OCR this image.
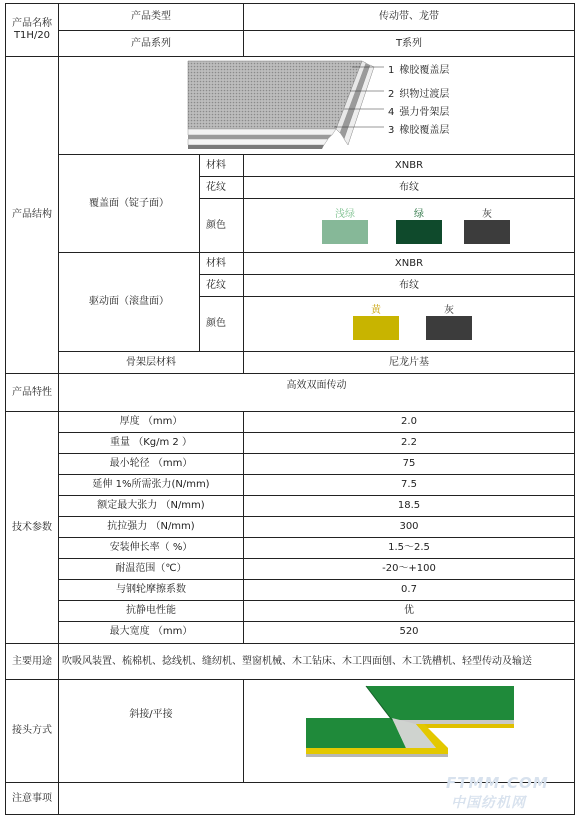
产品名称
T1H/20
产品类型	传动带、龙带
产品系列	T系列
产品结构
1 橡胶覆盖层
2 织物过渡层
4 强力骨架层
3 橡胶覆盖层
覆盖面（锭子面）
材料	XNBR
花纹	布纹
颜色
浅绿	绿	灰
驱动面（滚盘面）
材料	XNBR
花纹	布纹
颜色
黄	灰
骨架层材料	尼龙片基
产品特性
高效双面传动
技术参数
厚度 （mm）	2.0
重量 （Kg/m 2 ）	2.2
最小轮径 （mm）	75
延伸 1%所需张力(N/mm)	7.5
额定最大张力 （N/mm)	18.5
抗拉强力 （N/mm)	300
安装伸长率（ %）	1.5～2.5
耐温范围（℃）	-20～+100
与钢轮摩擦系数	0.7
抗静电性能	优
最大宽度 （mm）	520
主要用途	吹吸风装置、梳棉机、捻线机、缝纫机、塑窗机械、木工钻床、木工四面刨、木工铣槽机、轻型传动及输送
接头方式
斜接/平接
注意事项
FTMM.COM
中国纺机网
